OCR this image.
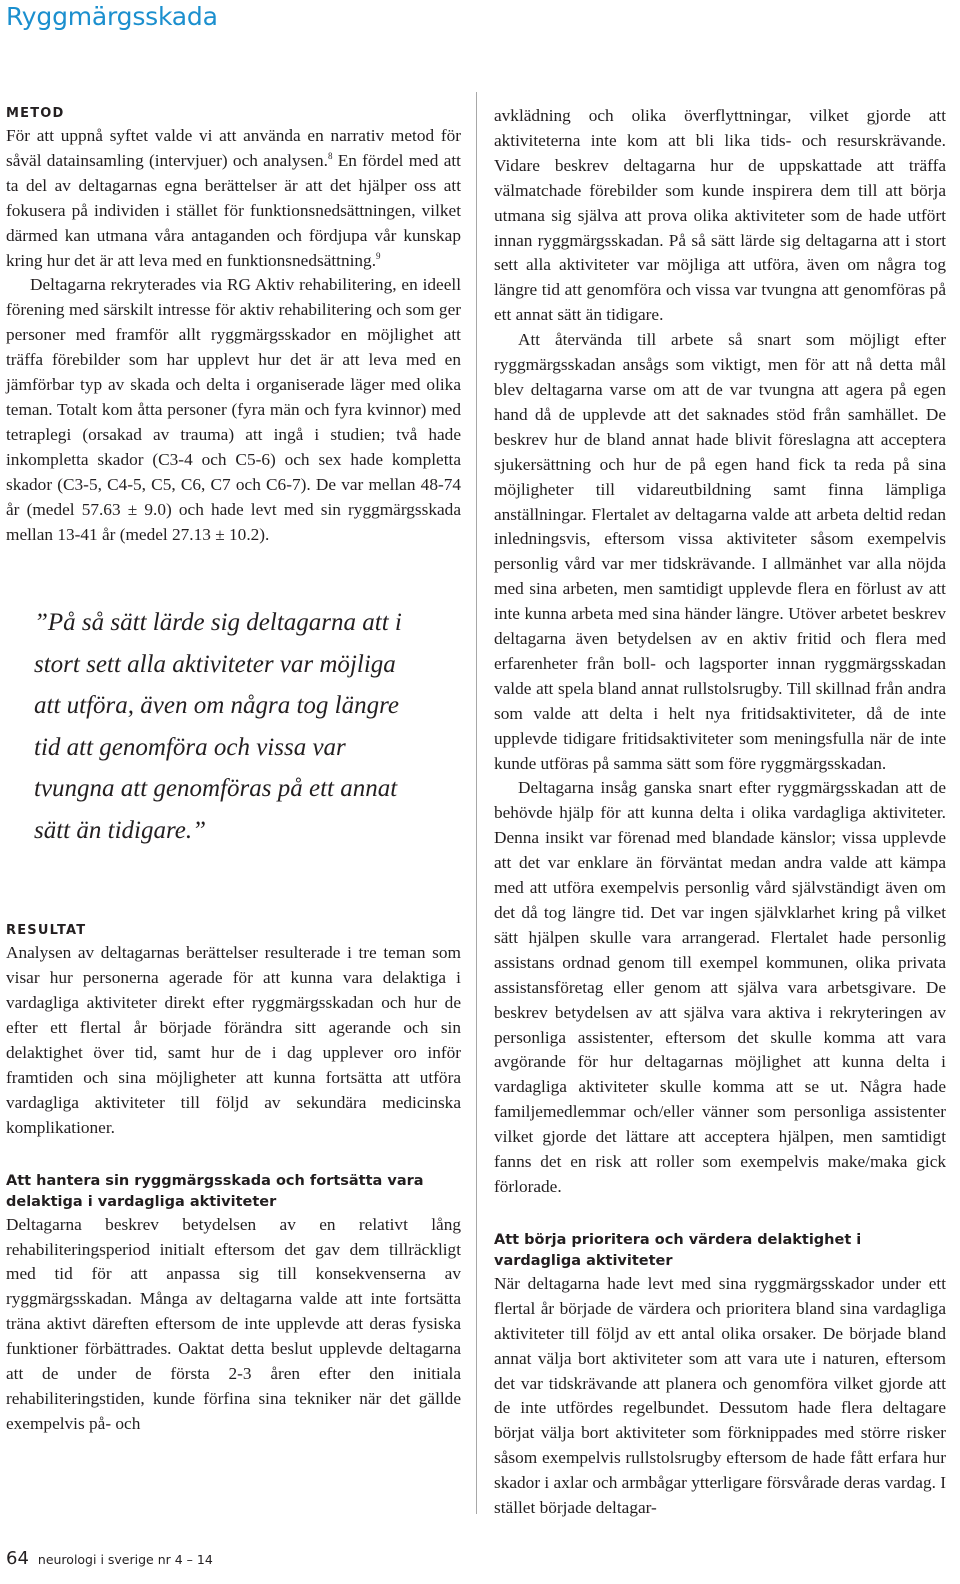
Ryggmärgsskada
METOD

För att uppnå syftet valde vi att använda en narrativ metod för såväl datainsamling (intervjuer) och analysen.$^8$ En fördel med att ta del av deltagarnas egna berättelser är att det hjälper oss att fokusera på individen i stället för funktionsnedsättningen, vilket därmed kan utmana våra antaganden och fördjupa vår kunskap kring hur det är att leva med en funktionsnedsättning.$^9$

Deltagarna rekryterades via RG Aktiv rehabilitering, en ideell förening med särskilt intresse för aktiv rehabilitering och som ger personer med framför allt ryggmärgsskador en möjlighet att träffa förebilder som har upplevt hur det är att leva med en jämförbar typ av skada och delta i organiserade läger med olika teman. Totalt kom åtta personer (fyra män och fyra kvinnor) med tetraplegi (orsakad av trauma) att ingå i studien; två hade inkompletta skador (C3-4 och C5-6) och sex hade kompletta skador (C3-5, C4-5, C5, C6, C7 och C6-7). De var mellan 48-74 år (medel 57.63 ± 9.0) och hade levt med sin ryggmärgsskada mellan 13-41 år (medel 27.13 ± 10.2).

”På så sätt lärde sig deltagarna att i stort sett alla aktiviteter var möjliga att utföra, även om några tog längre tid att genomföra och vissa var tvungna att genomföras på ett annat sätt än tidigare.”
RESULTAT

Analysen av deltagarnas berättelser resulterade i tre teman som visar hur personerna agerade för att kunna vara delaktiga i vardagliga aktiviteter direkt efter ryggmärgsskadan och hur de efter ett flertal år började förändra sitt agerande och sin delaktighet över tid, samt hur de i dag upplever oro inför framtiden och sina möjligheter att kunna fortsätta att utföra vardagliga aktiviteter till följd av sekundära medicinska komplikationer.

Att hantera sin ryggmärgsskada och fortsätta vara delaktiga i vardagliga aktiviteter

Deltagarna beskrev betydelsen av en relativt lång rehabiliteringsperiod initialt eftersom det gav dem tillräckligt med tid för att anpassa sig till konsekvenserna av ryggmärgsskadan. Många av deltagarna valde att inte fortsätta träna aktivt däreften eftersom de inte upplevde att deras fysiska funktioner förbättrades. Oaktat detta beslut upplevde deltagarna att de under de första 2-3 åren efter den initiala rehabiliteringstiden, kunde förfina sina tekniker när det gällde exempelvis på- och

avklädning och olika överflyttningar, vilket gjorde att aktiviteterna inte kom att bli lika tids- och resurskrävande. Vidare beskrev deltagarna hur de uppskattade att träffa välmatchade förebilder som kunde inspirera dem till att börja utmana sig själva att prova olika aktiviteter som de hade utfört innan ryggmärgsskadan. På så sätt lärde sig deltagarna att i stort sett alla aktiviteter var möjliga att utföra, även om några tog längre tid att genomföra och vissa var tvungna att genomföras på ett annat sätt än tidigare.

Att återvända till arbete så snart som möjligt efter ryggmärgsskadan ansågs som viktigt, men för att nå detta mål blev deltagarna varse om att de var tvungna att agera på egen hand då de upplevde att det saknades stöd från samhället. De beskrev hur de bland annat hade blivit föreslagna att acceptera sjukersättning och hur de på egen hand fick ta reda på sina möjligheter till vidareutbildning samt finna lämpliga anställningar. Flertalet av deltagarna valde att arbeta deltid redan inledningsvis, eftersom vissa aktiviteter såsom exempelvis personlig vård var mer tidskrävande. I allmänhet var alla nöjda med sina arbeten, men samtidigt upplevde flera en förlust av att inte kunna arbeta med sina händer längre. Utöver arbetet beskrev deltagarna även betydelsen av en aktiv fritid och flera med erfarenheter från boll- och lagsporter innan ryggmärgsskadan valde att spela bland annat rullstolsrugby. Till skillnad från andra som valde att delta i helt nya fritidsaktiviteter, då de inte upplevde tidigare fritidsaktiviteter som meningsfulla när de inte kunde utföras på samma sätt som före ryggmärgsskadan.

Deltagarna insåg ganska snart efter ryggmärgsskadan att de behövde hjälp för att kunna delta i olika vardagliga aktiviteter. Denna insikt var förenad med blandade känslor; vissa upplevde att det var enklare än förväntat medan andra valde att kämpa med att utföra exempelvis personlig vård självständigt även om det då tog längre tid. Det var ingen självklarhet kring på vilket sätt hjälpen skulle vara arrangerad. Flertalet hade personlig assistans ordnad genom till exempel kommunen, olika privata assistansföretag eller genom att själva vara arbetsgivare. De beskrev betydelsen av att själva vara aktiva i rekryteringen av personliga assistenter, eftersom det skulle komma att vara avgörande för hur deltagarnas möjlighet att kunna delta i vardagliga aktiviteter skulle komma att se ut. Några hade familjemedlemmar och/eller vänner som personliga assistenter vilket gjorde det lättare att acceptera hjälpen, men samtidigt fanns det en risk att roller som exempelvis make/maka gick förlorade.

Att börja prioritera och värdera delaktighet i vardagliga aktiviteter

När deltagarna hade levt med sina ryggmärgsskador under ett flertal år började de värdera och prioritera bland sina vardagliga aktiviteter till följd av ett antal olika orsaker. De började bland annat välja bort aktiviteter som att vara ute i naturen, eftersom det var tidskrävande att planera och genomföra vilket gjorde att de inte utfördes regelbundet. Dessutom hade flera deltagare börjat välja bort aktiviteter som förknippades med större risker såsom exempelvis rullstolsrugby eftersom de hade fått erfara hur skador i axlar och armbågar ytterligare försvårade deras vardag. I stället började deltagar-

64 neurologi i sverige nr 4 – 14
